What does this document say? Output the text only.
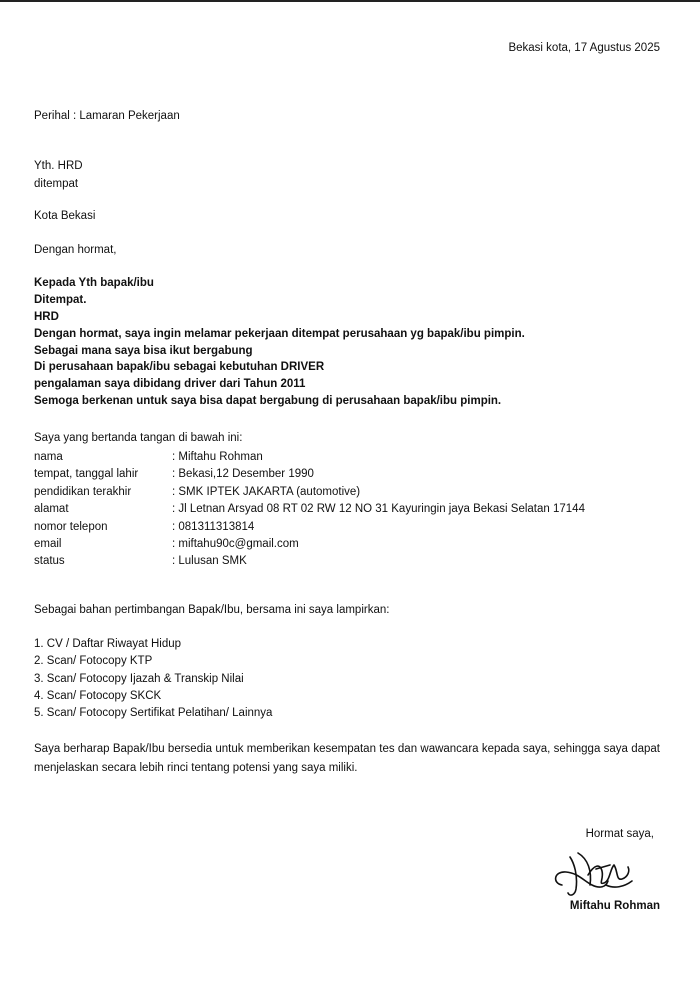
Bekasi kota, 17 Agustus 2025
Perihal : Lamaran Pekerjaan
Yth. HRD
ditempat
Kota Bekasi
Dengan hormat,
Kepada Yth bapak/ibu
Ditempat.
HRD
Dengan hormat, saya ingin melamar pekerjaan ditempat perusahaan yg bapak/ibu pimpin.
Sebagai mana saya bisa ikut bergabung
Di perusahaan bapak/ibu sebagai kebutuhan DRIVER
pengalaman saya dibidang driver dari Tahun 2011
Semoga berkenan untuk saya bisa dapat bergabung di perusahaan bapak/ibu pimpin.
Saya yang bertanda tangan di bawah ini:
nama	: Miftahu Rohman
tempat, tanggal lahir	: Bekasi,12 Desember 1990
pendidikan terakhir	: SMK IPTEK JAKARTA (automotive)
alamat	: Jl Letnan Arsyad 08 RT 02 RW 12 NO 31 Kayuringin jaya Bekasi Selatan 17144
nomor telepon	: 081311313814
email	: miftahu90c@gmail.com
status	: Lulusan SMK
Sebagai bahan pertimbangan Bapak/Ibu, bersama ini saya lampirkan:
1. CV / Daftar Riwayat Hidup
2. Scan/ Fotocopy KTP
3. Scan/ Fotocopy Ijazah & Transkip Nilai
4. Scan/ Fotocopy SKCK
5. Scan/ Fotocopy Sertifikat Pelatihan/ Lainnya
Saya berharap Bapak/Ibu bersedia untuk memberikan kesempatan tes dan wawancara kepada saya, sehingga saya dapat menjelaskan secara lebih rinci tentang potensi yang saya miliki.
Hormat saya,
Miftahu Rohman
